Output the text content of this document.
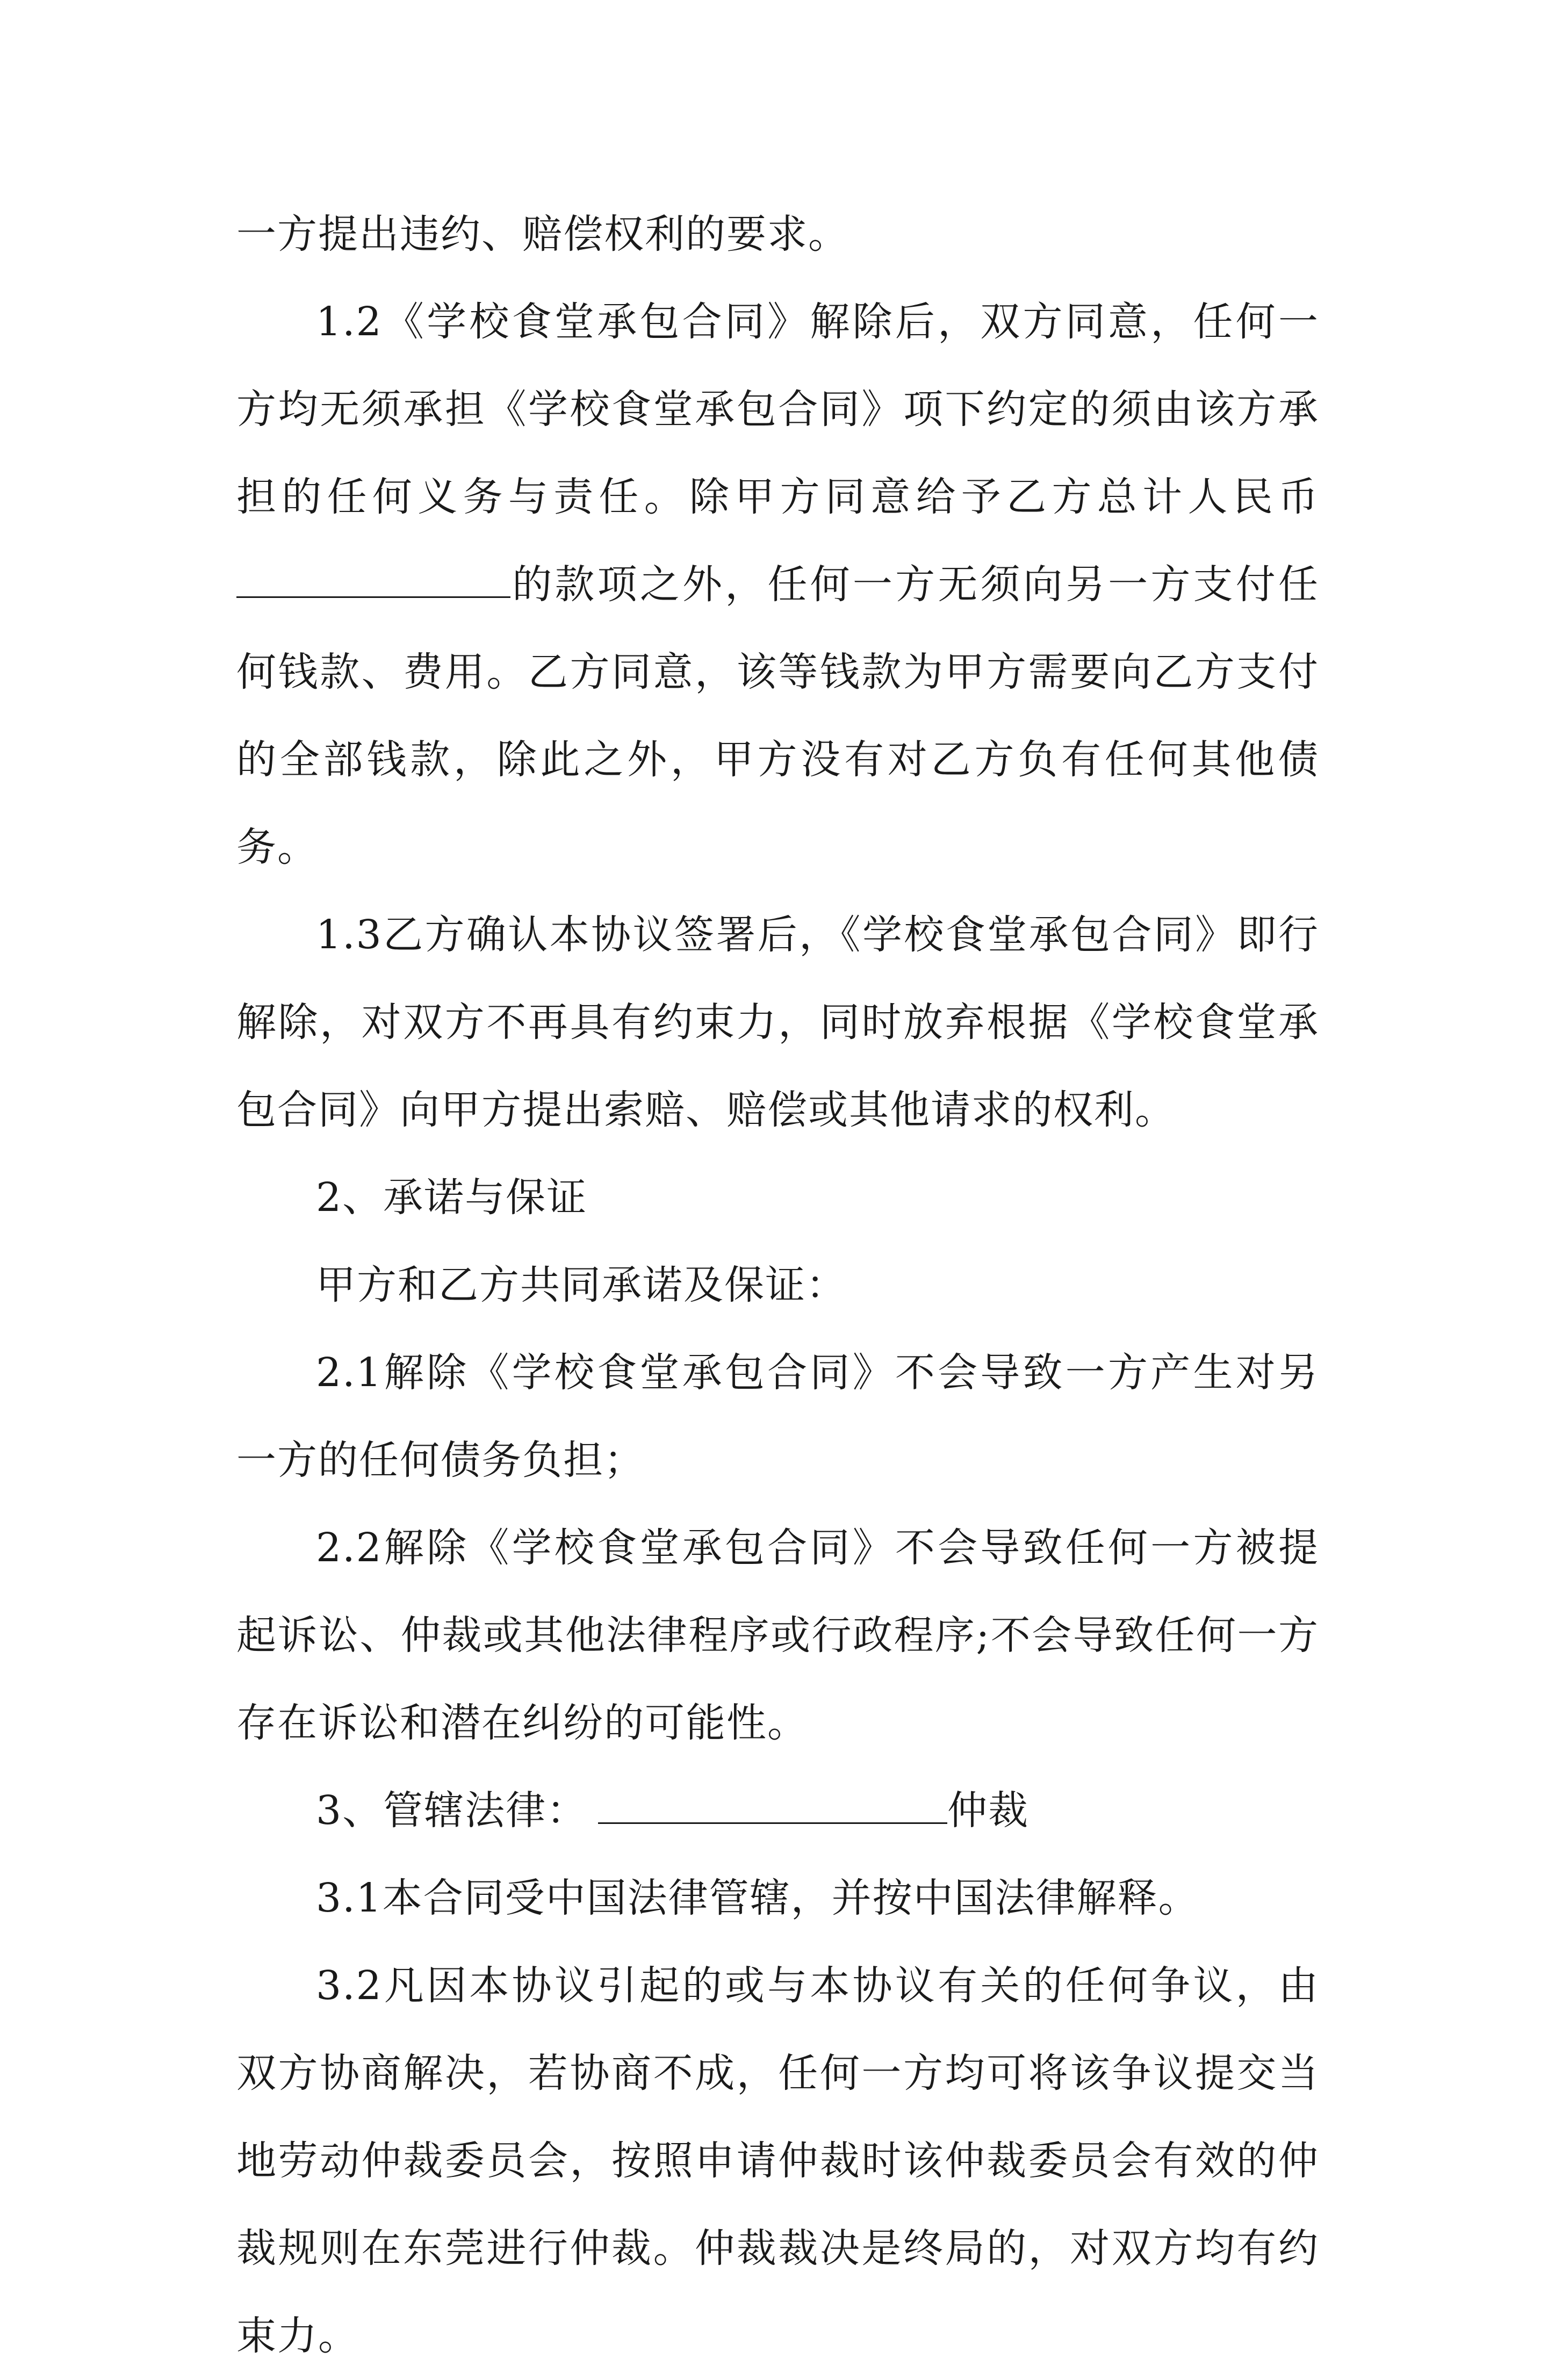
一方提出违约、赔偿权利的要求。

1.2《学校食堂承包合同》解除后，双方同意，任何一方均无须承担《学校食堂承包合同》项下约定的须由该方承担的任何义务与责任。除甲方同意给予乙方总计人民币的款项之外，任何一方无须向另一方支付任何钱款、费用。乙方同意，该等钱款为甲方需要向乙方支付的全部钱款，除此之外，甲方没有对乙方负有任何其他债务。

1.3乙方确认本协议签署后，《学校食堂承包合同》即行解除，对双方不再具有约束力，同时放弃根据《学校食堂承包合同》向甲方提出索赔、赔偿或其他请求的权利。

2、承诺与保证

甲方和乙方共同承诺及保证：

2.1解除《学校食堂承包合同》不会导致一方产生对另一方的任何债务负担；

2.2解除《学校食堂承包合同》不会导致任何一方被提起诉讼、仲裁或其他法律程序或行政程序;不会导致任何一方存在诉讼和潜在纠纷的可能性。

3、管辖法律：	仲裁

3.1本合同受中国法律管辖，并按中国法律解释。

3.2凡因本协议引起的或与本协议有关的任何争议，由双方协商解决，若协商不成，任何一方均可将该争议提交当地劳动仲裁委员会，按照申请仲裁时该仲裁委员会有效的仲裁规则在东莞进行仲裁。仲裁裁决是终局的，对双方均有约束力。
